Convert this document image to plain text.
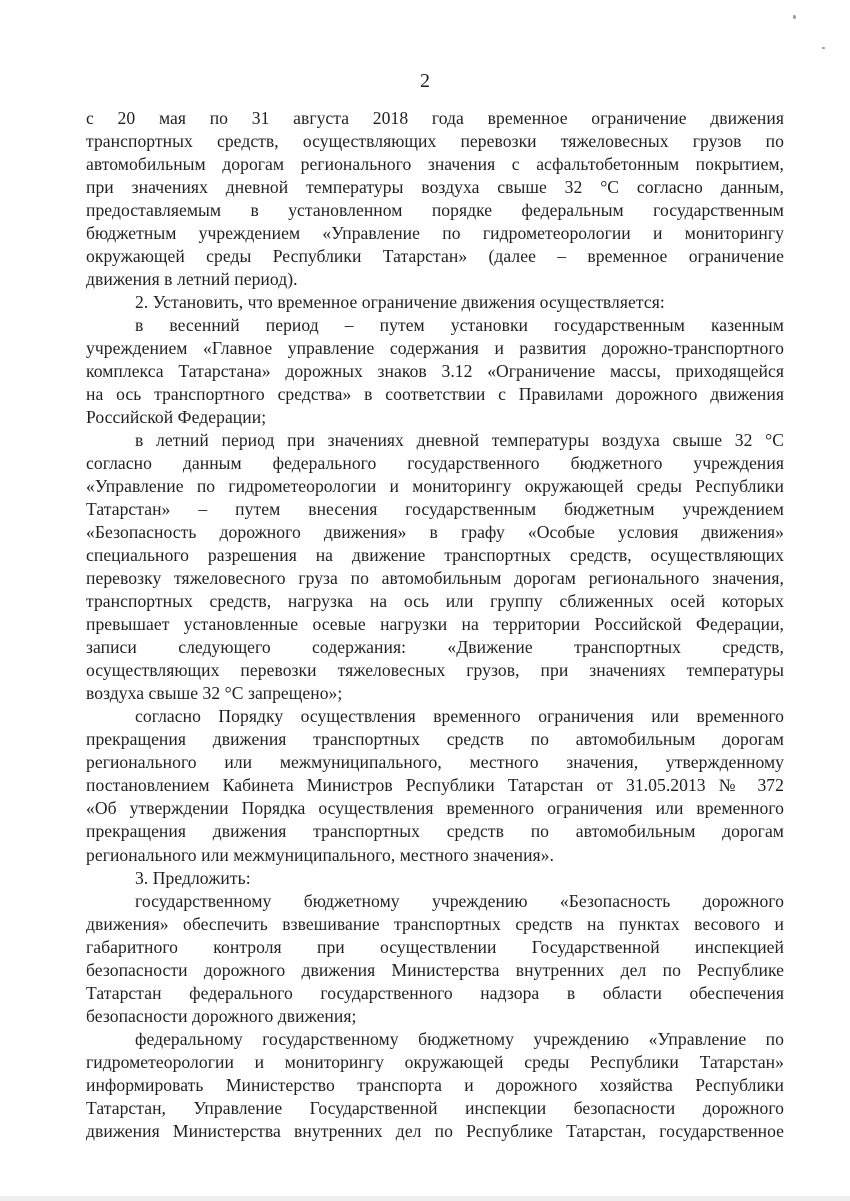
2
с 20 мая по 31 августа 2018 года временное ограничение движения
транспортных средств, осуществляющих перевозки тяжеловесных грузов по
автомобильным дорогам регионального значения с асфальтобетонным покрытием,
при значениях дневной температуры воздуха свыше 32 °С согласно данным,
предоставляемым в установленном порядке федеральным государственным
бюджетным учреждением «Управление по гидрометеорологии и мониторингу
окружающей среды Республики Татарстан» (далее – временное ограничение
движения в летний период).
2. Установить, что временное ограничение движения осуществляется:
в весенний период – путем установки государственным казенным
учреждением «Главное управление содержания и развития дорожно-транспортного
комплекса Татарстана» дорожных знаков 3.12 «Ограничение массы, приходящейся
на ось транспортного средства» в соответствии с Правилами дорожного движения
Российской Федерации;
в летний период при значениях дневной температуры воздуха свыше 32 °С
согласно данным федерального государственного бюджетного учреждения
«Управление по гидрометеорологии и мониторингу окружающей среды Республики
Татарстан» – путем внесения государственным бюджетным учреждением
«Безопасность дорожного движения» в графу «Особые условия движения»
специального разрешения на движение транспортных средств, осуществляющих
перевозку тяжеловесного груза по автомобильным дорогам регионального значения,
транспортных средств, нагрузка на ось или группу сближенных осей которых
превышает установленные осевые нагрузки на территории Российской Федерации,
записи следующего содержания: «Движение транспортных средств,
осуществляющих перевозки тяжеловесных грузов, при значениях температуры
воздуха свыше 32 °С запрещено»;
согласно Порядку осуществления временного ограничения или временного
прекращения движения транспортных средств по автомобильным дорогам
регионального или межмуниципального, местного значения, утвержденному
постановлением Кабинета Министров Республики Татарстан от 31.05.2013 № 372
«Об утверждении Порядка осуществления временного ограничения или временного
прекращения движения транспортных средств по автомобильным дорогам
регионального или межмуниципального, местного значения».
3. Предложить:
государственному бюджетному учреждению «Безопасность дорожного
движения» обеспечить взвешивание транспортных средств на пунктах весового и
габаритного контроля при осуществлении Государственной инспекцией
безопасности дорожного движения Министерства внутренних дел по Республике
Татарстан федерального государственного надзора в области обеспечения
безопасности дорожного движения;
федеральному государственному бюджетному учреждению «Управление по
гидрометеорологии и мониторингу окружающей среды Республики Татарстан»
информировать Министерство транспорта и дорожного хозяйства Республики
Татарстан, Управление Государственной инспекции безопасности дорожного
движения Министерства внутренних дел по Республике Татарстан, государственное
